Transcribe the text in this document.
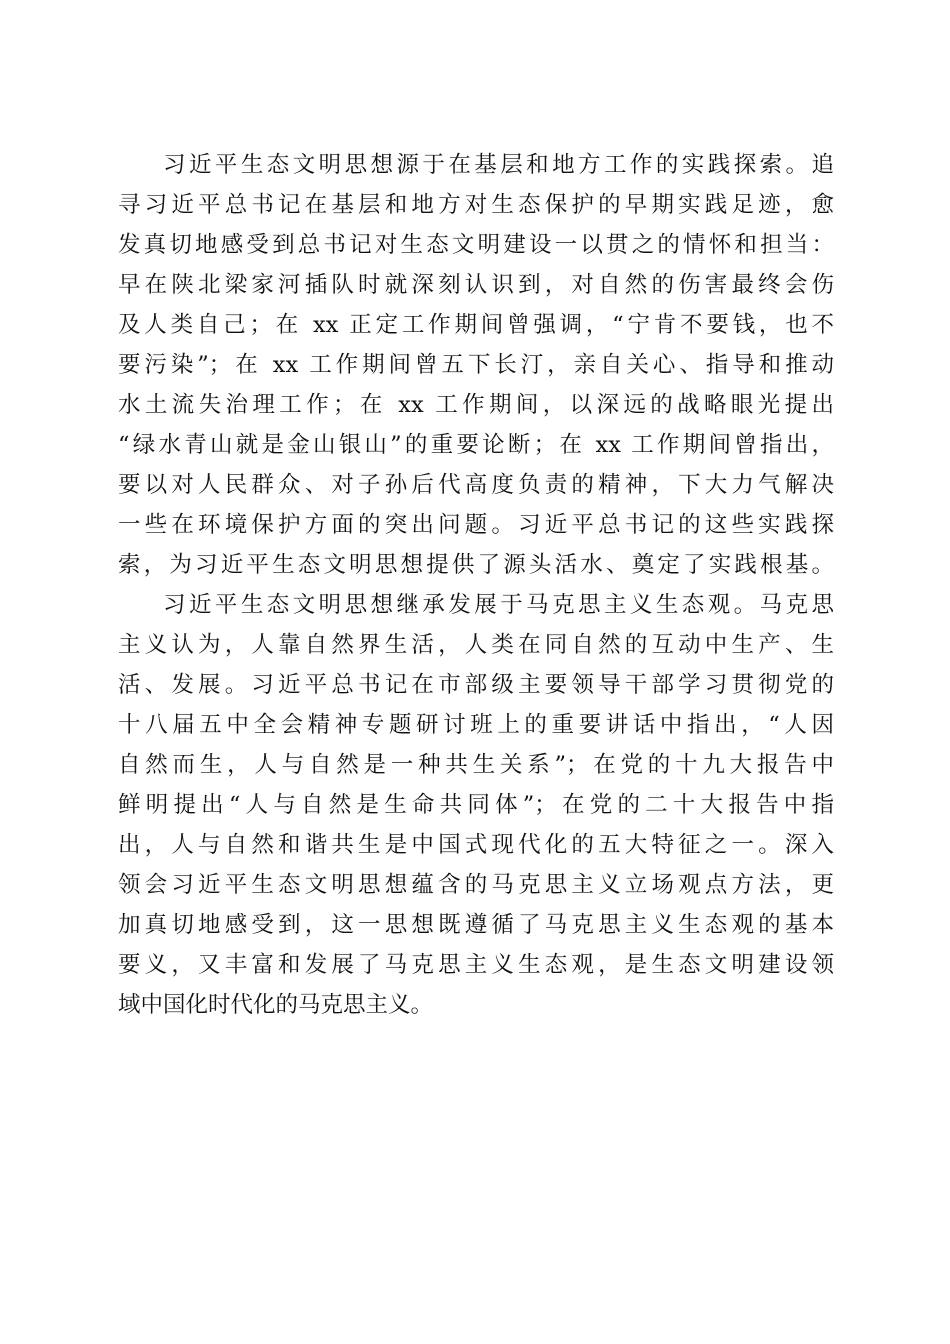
习近平生态文明思想源于在基层和地方工作的实践探索。追
寻习近平总书记在基层和地方对生态保护的早期实践足迹，愈
发真切地感受到总书记对生态文明建设一以贯之的情怀和担当：
早在陕北梁家河插队时就深刻认识到，对自然的伤害最终会伤
及人类自己；在 xx 正定工作期间曾强调，“宁肯不要钱，也不
要污染”；在 xx 工作期间曾五下长汀，亲自关心、指导和推动
水土流失治理工作；在 xx 工作期间，以深远的战略眼光提出
“绿水青山就是金山银山”的重要论断；在 xx 工作期间曾指出，
要以对人民群众、对子孙后代高度负责的精神，下大力气解决
一些在环境保护方面的突出问题。习近平总书记的这些实践探
索，为习近平生态文明思想提供了源头活水、奠定了实践根基。
习近平生态文明思想继承发展于马克思主义生态观。马克思
主义认为，人靠自然界生活，人类在同自然的互动中生产、生
活、发展。习近平总书记在市部级主要领导干部学习贯彻党的
十八届五中全会精神专题研讨班上的重要讲话中指出，“人因
自然而生，人与自然是一种共生关系”；在党的十九大报告中
鲜明提出“人与自然是生命共同体”；在党的二十大报告中指
出，人与自然和谐共生是中国式现代化的五大特征之一。深入
领会习近平生态文明思想蕴含的马克思主义立场观点方法，更
加真切地感受到，这一思想既遵循了马克思主义生态观的基本
要义，又丰富和发展了马克思主义生态观，是生态文明建设领
域中国化时代化的马克思主义。
